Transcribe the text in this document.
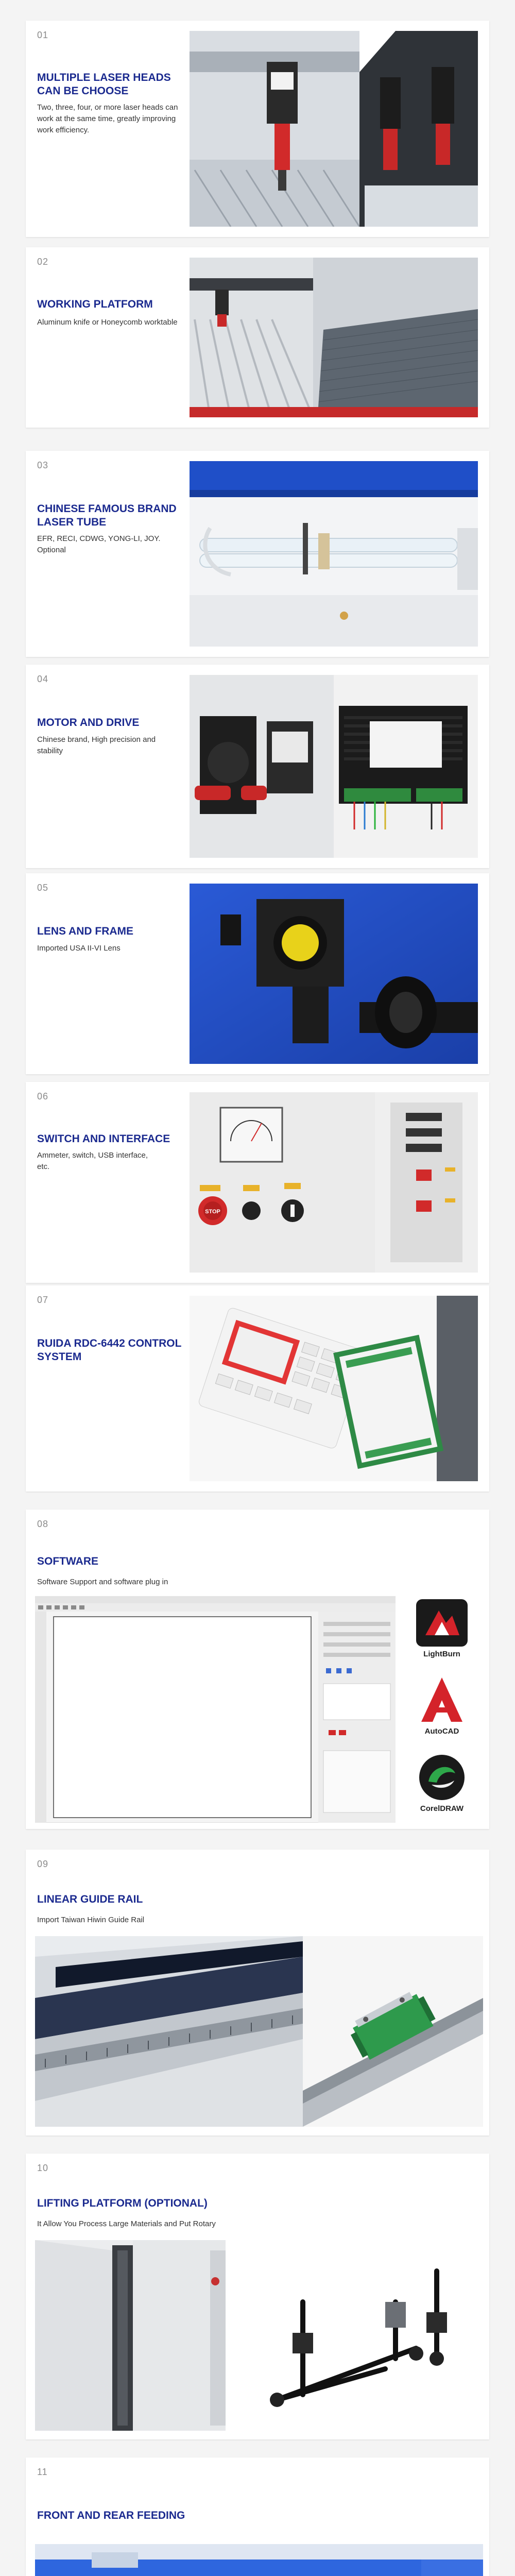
01
MULTIPLE LASER HEADS CAN BE CHOOSE
Two, three, four, or more laser heads can work at the same time, greatly improving work efficiency.
02
WORKING PLATFORM
Aluminum knife or Honeycomb worktable
03
CHINESE FAMOUS BRAND LASER TUBE
EFR, RECI, CDWG, YONG-LI, JOY. Optional
04
MOTOR AND DRIVE
Chinese brand, High precision and stability
05
LENS AND FRAME
Imported USA II-VI Lens
06
SWITCH AND INTERFACE
Ammeter, switch, USB interface, etc.
STOP
07
RUIDA RDC-6442 CONTROL SYSTEM
08
SOFTWARE
Software Support and software plug in
LightBurn
AutoCAD
CorelDRAW
09
LINEAR GUIDE RAIL
Import Taiwan Hiwin Guide Rail
10
LIFTING PLATFORM (OPTIONAL)
It Allow You Process Large Materials and Put Rotary
11
FRONT AND REAR FEEDING
